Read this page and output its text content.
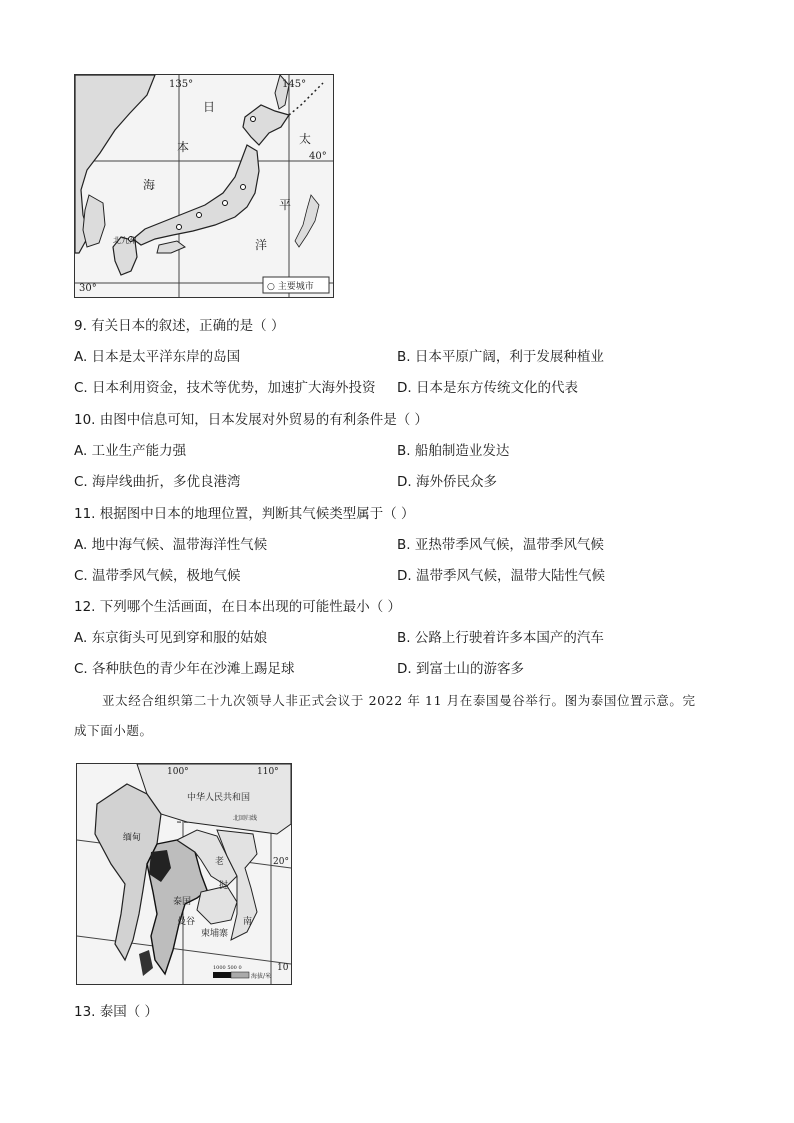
135°	145°
40°
30°
日
本
海
太
平
洋
北九州
○ 主要城市
9. 有关日本的叙述，正确的是（ ）
A. 日本是太平洋东岸的岛国	B. 日本平原广阔，利于发展种植业
C. 日本利用资金，技术等优势，加速扩大海外投资 D. 日本是东方传统文化的代表
10. 由图中信息可知，日本发展对外贸易的有利条件是（ ）
A. 工业生产能力强	B. 船舶制造业发达
C. 海岸线曲折，多优良港湾	D. 海外侨民众多
11. 根据图中日本的地理位置，判断其气候类型属于（ ）
A. 地中海气候、温带海洋性气候	B. 亚热带季风气候，温带季风气候
C. 温带季风气候，极地气候	D. 温带季风气候，温带大陆性气候
12. 下列哪个生活画面，在日本出现的可能性最小（ ）
A. 东京街头可见到穿和服的姑娘	B. 公路上行驶着许多本国产的汽车
C. 各种肤色的青少年在沙滩上踢足球	D. 到富士山的游客多
亚太经合组织第二十九次领导人非正式会议于 2022 年 11 月在泰国曼谷举行。图为泰国位置示意。完
成下面小题。
100°	110°
20°
10
中华人民共和国
北回归线
缅甸
泰国
曼谷
柬埔寨
老
挝
南
1000 500 0
海拔/米
13. 泰国（ ）
